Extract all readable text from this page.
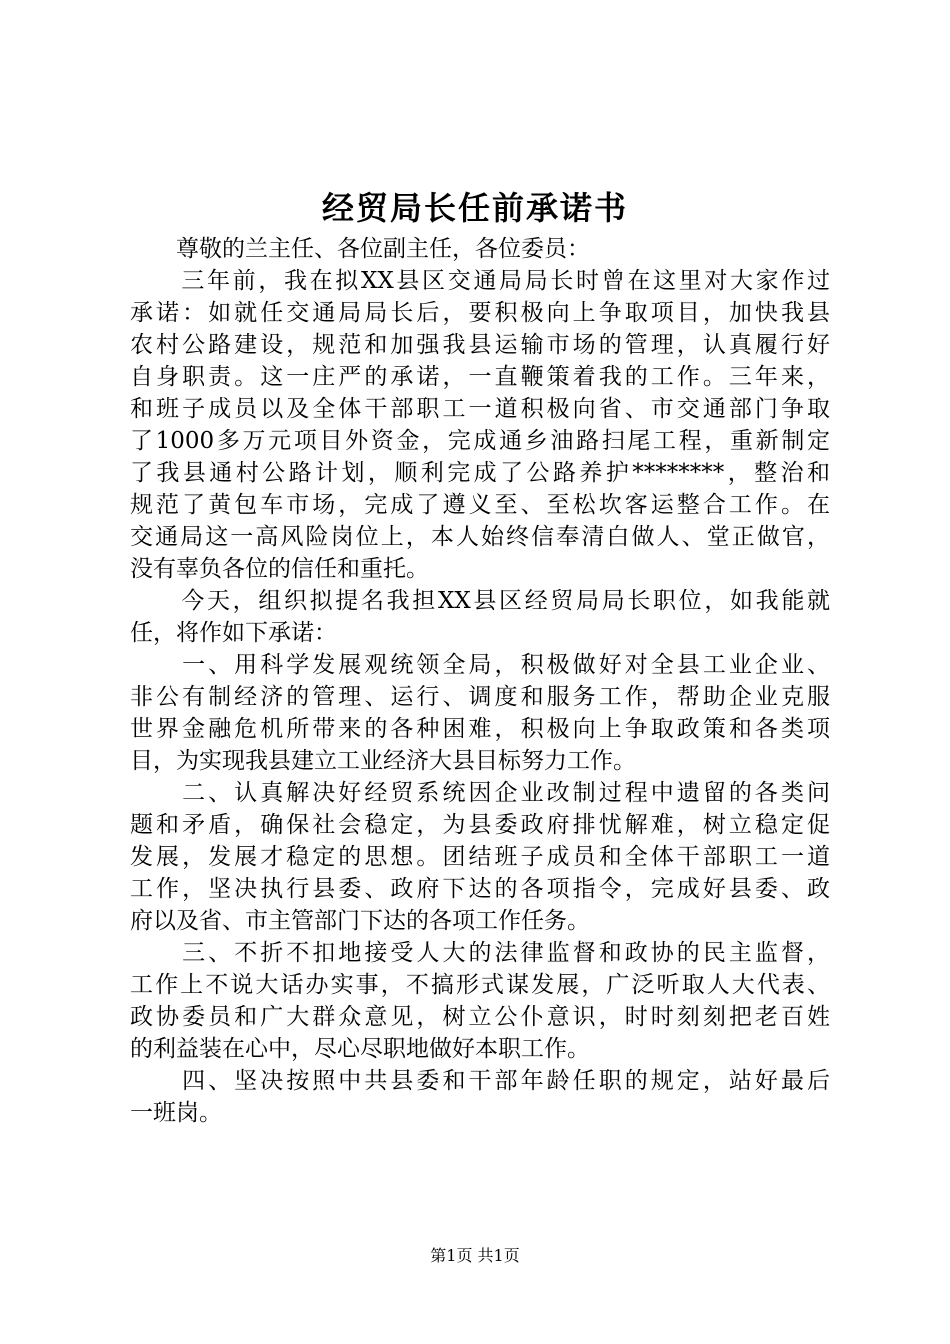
经贸局长任前承诺书
　　尊敬的兰主任、各位副主任，各位委员：
　　三年前，我在拟XX县区交通局局长时曾在这里对大家作过
承诺：如就任交通局局长后，要积极向上争取项目，加快我县
农村公路建设，规范和加强我县运输市场的管理，认真履行好
自身职责。这一庄严的承诺，一直鞭策着我的工作。三年来，
和班子成员以及全体干部职工一道积极向省、市交通部门争取
了1000多万元项目外资金，完成通乡油路扫尾工程，重新制定
了我县通村公路计划，顺利完成了公路养护********，整治和
规范了黄包车市场，完成了遵义至、至松坎客运整合工作。在
交通局这一高风险岗位上，本人始终信奉清白做人、堂正做官，
没有辜负各位的信任和重托。
　　今天，组织拟提名我担XX县区经贸局局长职位，如我能就
任，将作如下承诺：
　　一、用科学发展观统领全局，积极做好对全县工业企业、
非公有制经济的管理、运行、调度和服务工作，帮助企业克服
世界金融危机所带来的各种困难，积极向上争取政策和各类项
目，为实现我县建立工业经济大县目标努力工作。
　　二、认真解决好经贸系统因企业改制过程中遗留的各类问
题和矛盾，确保社会稳定，为县委政府排忧解难，树立稳定促
发展，发展才稳定的思想。团结班子成员和全体干部职工一道
工作，坚决执行县委、政府下达的各项指令，完成好县委、政
府以及省、市主管部门下达的各项工作任务。
　　三、不折不扣地接受人大的法律监督和政协的民主监督，
工作上不说大话办实事，不搞形式谋发展，广泛听取人大代表、
政协委员和广大群众意见，树立公仆意识，时时刻刻把老百姓
的利益装在心中，尽心尽职地做好本职工作。
　　四、坚决按照中共县委和干部年龄任职的规定，站好最后
一班岗。
第1页 共1页
